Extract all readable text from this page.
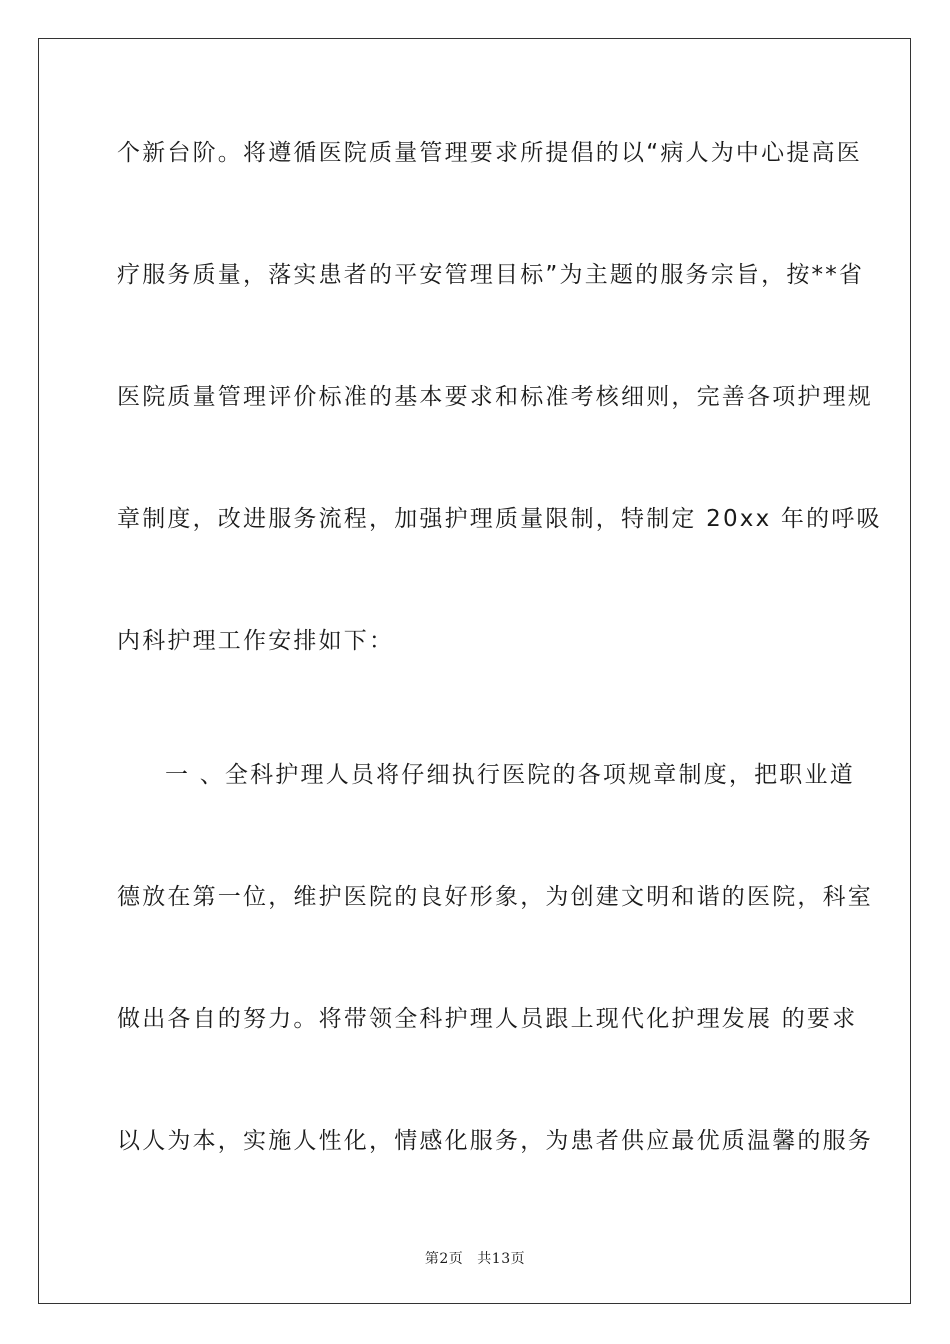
个新台阶。将遵循医院质量管理要求所提倡的以“病人为中心提高医
疗服务质量，落实患者的平安管理目标”为主题的服务宗旨，按**省
医院质量管理评价标准的基本要求和标准考核细则，完善各项护理规
章制度，改进服务流程，加强护理质量限制，特制定 20xx 年的呼吸
内科护理工作安排如下：
一 、全科护理人员将仔细执行医院的各项规章制度，把职业道
德放在第一位，维护医院的良好形象，为创建文明和谐的医院，科室
做出各自的努力。将带领全科护理人员跟上现代化护理发展 的要求
以人为本，实施人性化，情感化服务，为患者供应最优质温馨的服务
第2页 共13页
